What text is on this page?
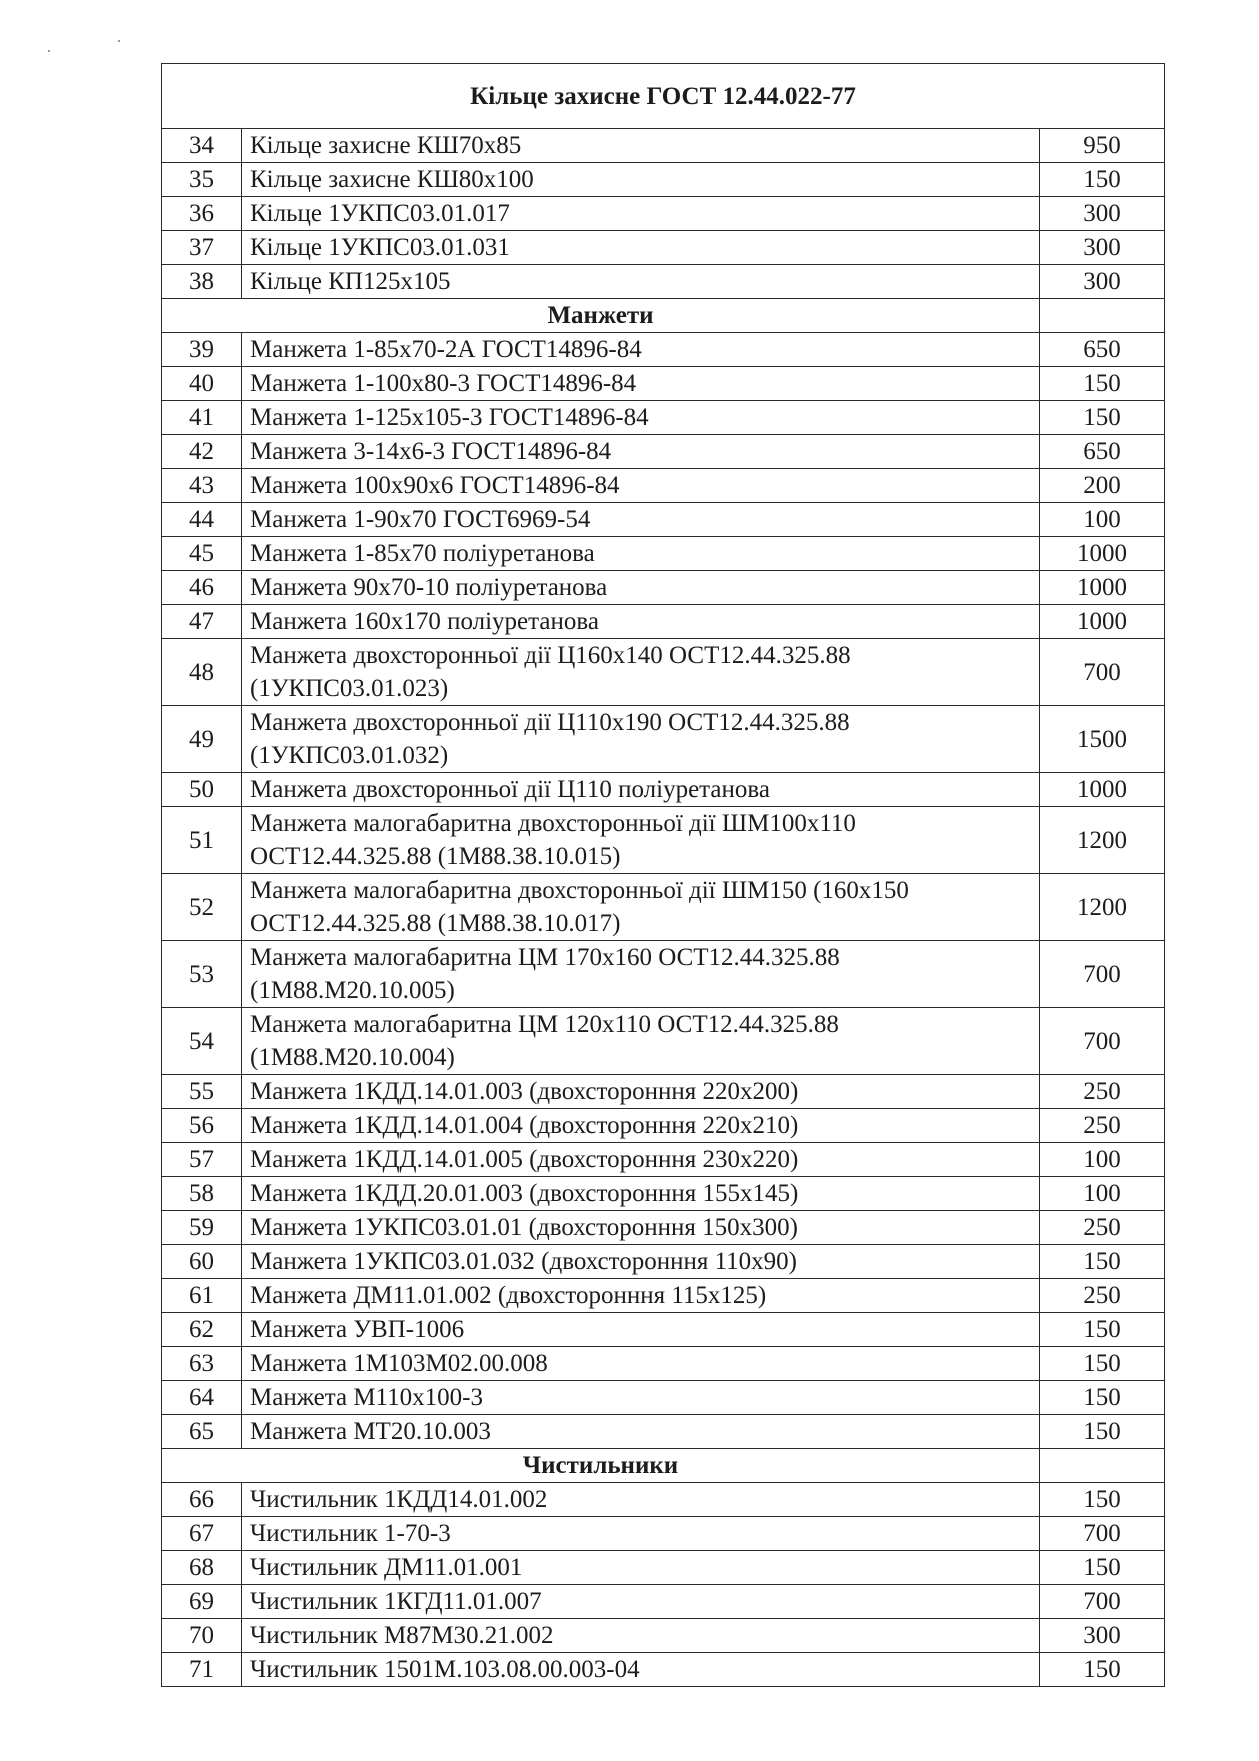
Кільце захисне ГОСТ 12.44.022-77		
34	Кільце захисне КШ70х85	950
35	Кільце захисне КШ80х100	150
36	Кільце 1УКПС03.01.017	300
37	Кільце 1УКПС03.01.031	300
38	Кільце КП125х105	300
Манжети		
39	Манжета 1-85х70-2А ГОСТ14896-84	650
40	Манжета 1-100х80-3 ГОСТ14896-84	150
41	Манжета 1-125х105-3 ГОСТ14896-84	150
42	Манжета 3-14х6-3 ГОСТ14896-84	650
43	Манжета 100х90х6 ГОСТ14896-84	200
44	Манжета 1-90х70 ГОСТ6969-54	100
45	Манжета 1-85х70 поліуретанова	1000
46	Манжета 90х70-10 поліуретанова	1000
47	Манжета 160х170 поліуретанова	1000
48	Манжета двохсторонньої дії Ц160х140 ОСТ12.44.325.88 (1УКПС03.01.023)	700
49	Манжета двохсторонньої дії Ц110х190 ОСТ12.44.325.88 (1УКПС03.01.032)	1500
50	Манжета двохсторонньої дії Ц110 поліуретанова	1000
51	Манжета малогабаритна двохсторонньої дії ШМ100х110 ОСТ12.44.325.88 (1М88.38.10.015)	1200
52	Манжета малогабаритна двохсторонньої дії ШМ150 (160х150 ОСТ12.44.325.88 (1М88.38.10.017)	1200
53	Манжета малогабаритна ЦМ 170х160 ОСТ12.44.325.88 (1М88.М20.10.005)	700
54	Манжета малогабаритна ЦМ 120х110 ОСТ12.44.325.88 (1М88.М20.10.004)	700
55	Манжета 1КДД.14.01.003 (двохсторонння 220х200)	250
56	Манжета 1КДД.14.01.004 (двохсторонння 220х210)	250
57	Манжета 1КДД.14.01.005 (двохсторонння 230х220)	100
58	Манжета 1КДД.20.01.003 (двохсторонння 155х145)	100
59	Манжета 1УКПС03.01.01 (двохсторонння 150х300)	250
60	Манжета 1УКПС03.01.032 (двохсторонння 110х90)	150
61	Манжета ДМ11.01.002 (двохсторонння 115х125)	250
62	Манжета УВП-1006	150
63	Манжета 1М103М02.00.008	150
64	Манжета М110х100-3	150
65	Манжета МТ20.10.003	150
Чистильники		
66	Чистильник 1КДД14.01.002	150
67	Чистильник 1-70-3	700
68	Чистильник ДМ11.01.001	150
69	Чистильник 1КГД11.01.007	700
70	Чистильник М87М30.21.002	300
71	Чистильник 1501М.103.08.00.003-04	150
